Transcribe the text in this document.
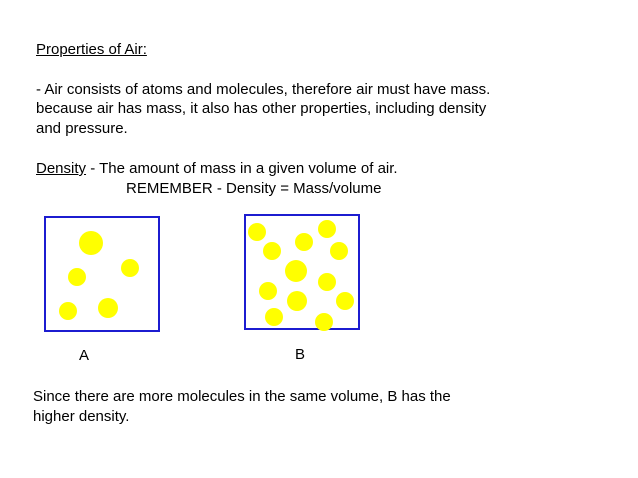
Properties of Air:
- Air consists of atoms and molecules, therefore air must have mass.
because air has mass, it also has other properties, including density
and pressure.
Density - The amount of mass in a given volume of air.
REMEMBER - Density = Mass/volume
A	B
Since there are more molecules in the same volume, B has the
higher density.
